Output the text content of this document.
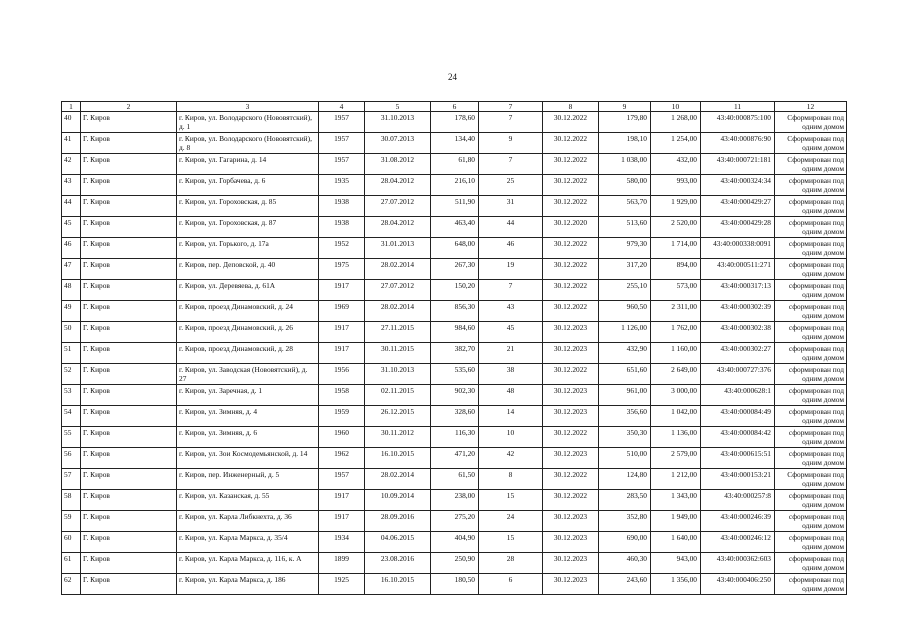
24
1	2	3	4	5	6	7	8	9	10	11	12
40	Г. Киров	г. Киров, ул. Володарского (Нововятский), д. 1	1957	31.10.2013	178,60	7	30.12.2022	179,80	1 268,00	43:40:000875:100	Сформирован под одним домом
41	Г. Киров	г. Киров, ул. Володарского (Нововятский), д. 8	1957	30.07.2013	134,40	9	30.12.2022	198,10	1 254,00	43:40:000876:90	Сформирован под одним домом
42	Г. Киров	г. Киров, ул. Гагарина, д. 14	1957	31.08.2012	61,80	7	30.12.2022	1 038,00	432,00	43:40:000721:181	Сформирован под одним домом
43	Г. Киров	г. Киров, ул. Горбачева, д. 6	1935	28.04.2012	216,10	25	30.12.2022	580,00	993,00	43:40:000324:34	сформирован под одним домом
44	Г. Киров	г. Киров, ул. Гороховская, д. 85	1938	27.07.2012	511,90	31	30.12.2022	563,70	1 929,00	43:40:000429:27	сформирован под одним домом
45	Г. Киров	г. Киров, ул. Гороховская, д. 87	1938	28.04.2012	463,40	44	30.12.2020	513,60	2 520,00	43:40:000429:28	сформирован под одним домом
46	Г. Киров	г. Киров, ул. Горького, д. 17а	1952	31.01.2013	648,00	46	30.12.2022	979,30	1 714,00	43:40:000338:0091	сформирован под одним домом
47	Г. Киров	г. Киров, пер. Деповской, д. 40	1975	28.02.2014	267,30	19	30.12.2022	317,20	894,00	43:40:000511:271	сформирован под одним домом
48	Г. Киров	г. Киров, ул. Деревяева, д. 61А	1917	27.07.2012	150,20	7	30.12.2022	255,10	573,00	43:40:000317:13	сформирован под одним домом
49	Г. Киров	г. Киров, проезд Динамовский, д. 24	1969	28.02.2014	856,30	43	30.12.2022	960,50	2 311,00	43:40:000302:39	сформирован под одним домом
50	Г. Киров	г. Киров, проезд Динамовский, д. 26	1917	27.11.2015	984,60	45	30.12.2023	1 126,00	1 762,00	43:40:000302:38	сформирован под одним домом
51	Г. Киров	г. Киров, проезд Динамовский, д. 28	1917	30.11.2015	382,70	21	30.12.2023	432,90	1 160,00	43:40:000302:27	сформирован под одним домом
52	Г. Киров	г. Киров, ул. Заводская (Нововятский), д. 27	1956	31.10.2013	535,60	38	30.12.2022	651,60	2 649,00	43:40:000727:376	сформирован под одним домом
53	Г. Киров	г. Киров, ул. Заречная, д. 1	1958	02.11.2015	902,30	48	30.12.2023	961,00	3 000,00	43:40:000628:1	сформирован под одним домом
54	Г. Киров	г. Киров, ул. Зимняя, д. 4	1959	26.12.2015	328,60	14	30.12.2023	356,60	1 042,00	43:40:000084:49	сформирован под одним домом
55	Г. Киров	г. Киров, ул. Зимняя, д. 6	1960	30.11.2012	116,30	10	30.12.2022	350,30	1 136,00	43:40:000084:42	сформирован под одним домом
56	Г. Киров	г. Киров, ул. Зои Космодемьянской, д. 14	1962	16.10.2015	471,20	42	30.12.2023	510,00	2 579,00	43:40:000615:51	сформирован под одним домом
57	Г. Киров	г. Киров, пер. Инженерный, д. 5	1957	28.02.2014	61,50	8	30.12.2022	124,80	1 212,00	43:40:000153:21	Сформирован под одним домом
58	Г. Киров	г. Киров, ул. Казанская, д. 55	1917	10.09.2014	238,00	15	30.12.2022	283,50	1 343,00	43:40:000257:8	сформирован под одним домом
59	Г. Киров	г. Киров, ул. Карла Либкнехта, д. 36	1917	28.09.2016	275,20	24	30.12.2023	352,80	1 949,00	43:40:000246:39	сформирован под одним домом
60	Г. Киров	г. Киров, ул. Карла Маркса, д. 35/4	1934	04.06.2015	404,90	15	30.12.2023	690,00	1 640,00	43:40:000246:12	сформирован под одним домом
61	Г. Киров	г. Киров, ул. Карла Маркса, д. 116, к. А	1899	23.08.2016	250,90	28	30.12.2023	460,30	943,00	43:40:000362:603	сформирован под одним домом
62	Г. Киров	г. Киров, ул. Карла Маркса, д. 186	1925	16.10.2015	180,50	6	30.12.2023	243,60	1 356,00	43:40:000406:250	сформирован под одним домом
